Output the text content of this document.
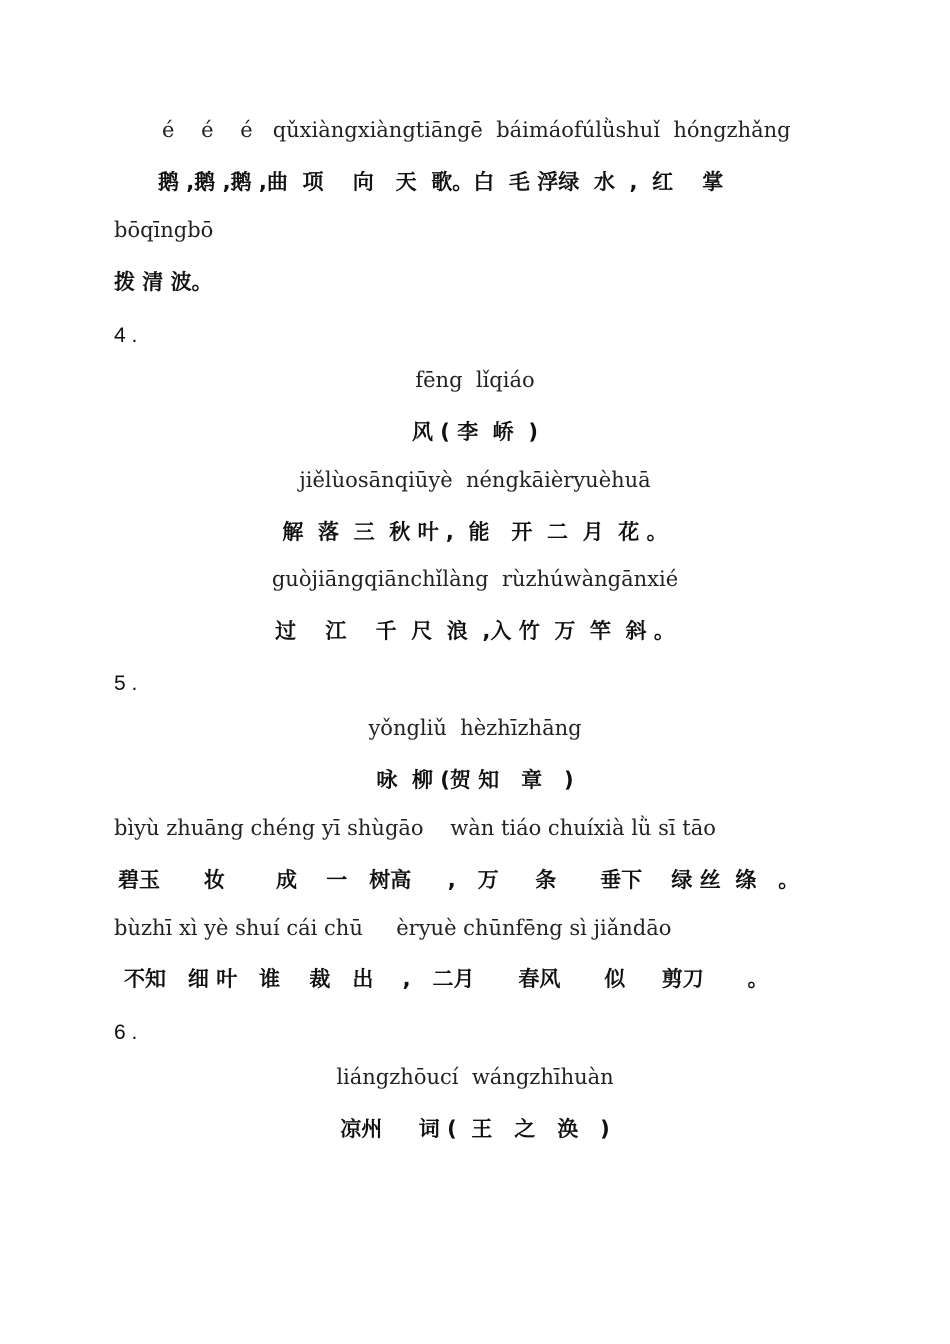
é    é    é   qǔxiàngxiàngtiāngē  báimáofúlǜshuǐ  hóngzhǎng

鹅 ,鹅 ,鹅 ,曲  项    向   天  歌。白  毛 浮绿  水  ,  红    掌

bōqīngbō

拨 清 波。

4 .

fēng  lǐqiáo

风 ( 李  峤  )

jiělùosānqiūyè  néngkāièryuèhuā

解  落  三  秋 叶 ,  能   开  二  月  花 。

guòjiāngqiānchǐlàng  rùzhúwàngānxié

过    江    千  尺  浪  ,入 竹  万  竿  斜 。

5 .

yǒngliǔ  hèzhīzhāng

咏  柳 (贺 知   章   )

bìyù zhuāng chéng yī shùgāo    wàn tiáo chuíxià lǜ sī tāo

碧玉      妆       成    一   树高     ,   万     条      垂下    绿 丝  绦   。

bùzhī xì yè shuí cái chū     èryuè chūnfēng sì jiǎndāo

不知   细 叶   谁    裁   出    ,   二月      春风      似     剪刀      。

6 .

liángzhōucí  wángzhīhuàn

凉州     词 (  王   之   涣   )
